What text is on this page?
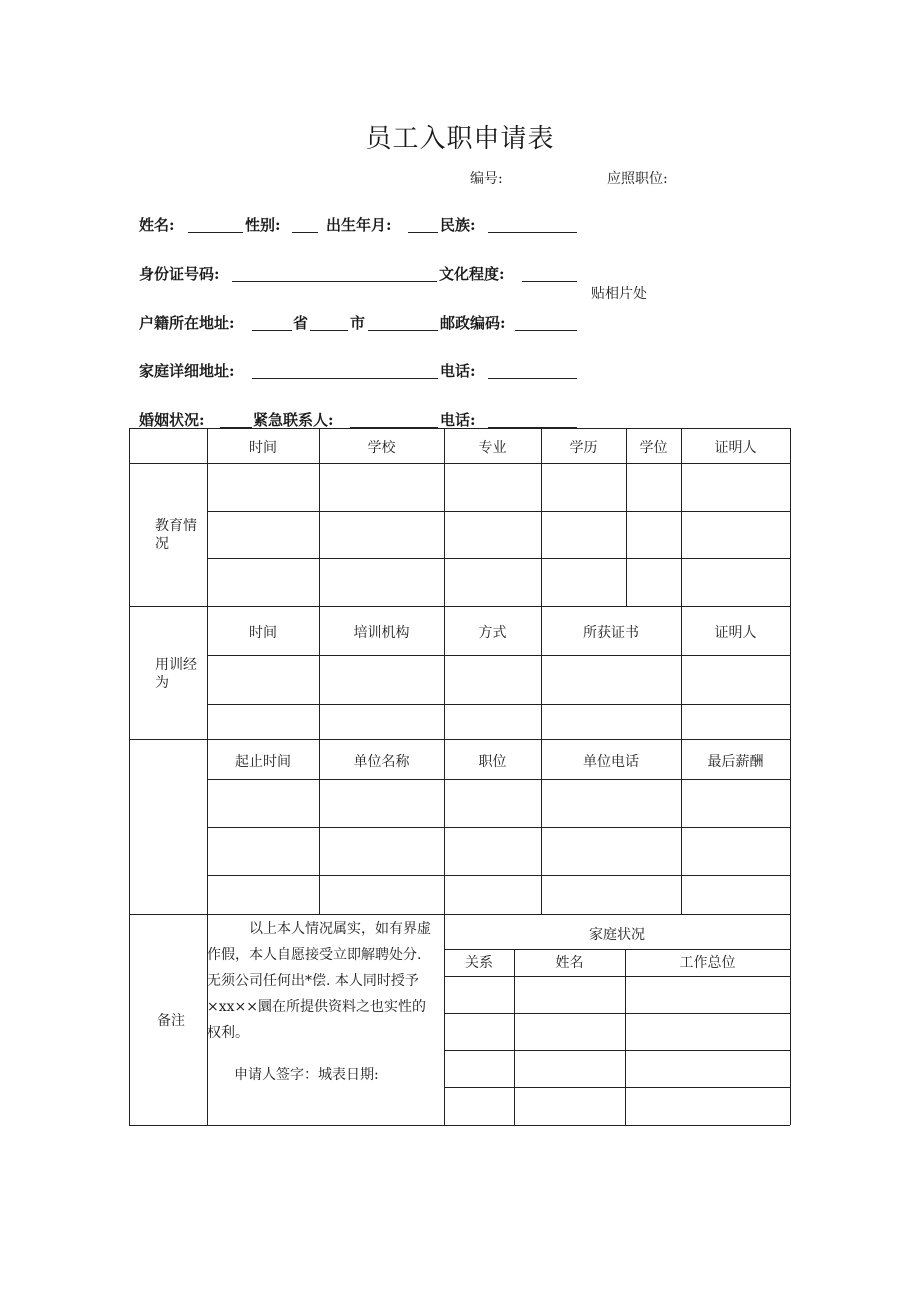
员工入职申请表
编号:	应照职位:
姓名:	性别:	出生年月:	民族:
身份证号码:	文化程度:
户籍所在地址:	省	市	邮政编码:
家庭详细地址:	电话:
婚姻状况:	紧急联系人:	电话:
贴相片处
时间	学校	专业	学历	学位	证明人
教育情况
时间	培训机构	方式	所获证书	证明人
用训经为
起止时间	单位名称	职位	单位电话	最后薪酬
备注

以上本人情况属实，如有界虚

作假，本人自愿接受立即解聘处分.

无须公司任何出*偿. 本人同时授予

×xx××圜在所提供资料之也实性的

权利。

申请人签字：城表日期:
家庭状况
关系	姓名	工作总位
